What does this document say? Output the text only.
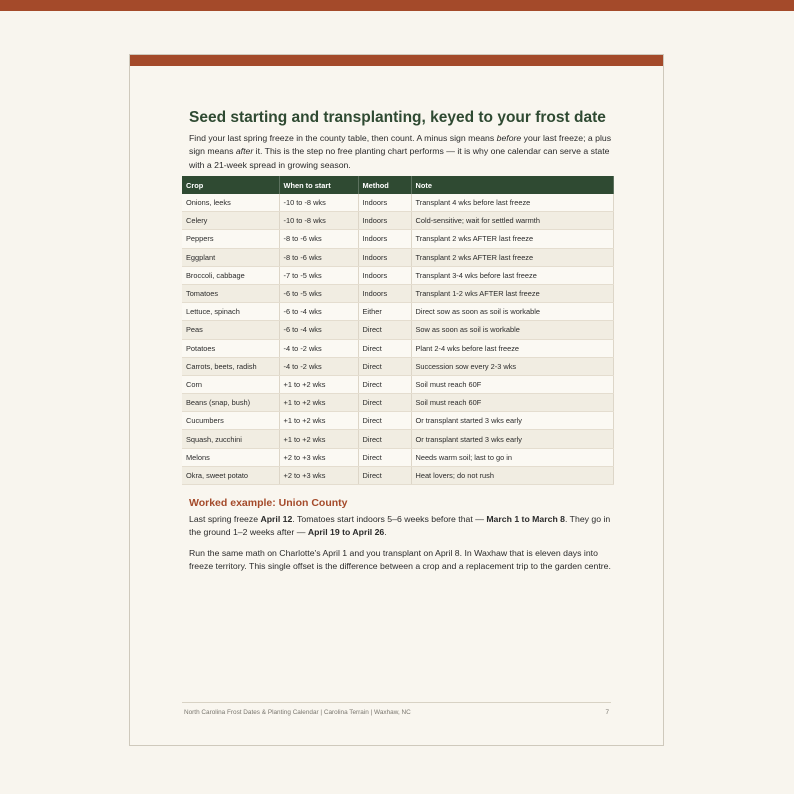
Seed starting and transplanting, keyed to your frost date

Find your last spring freeze in the county table, then count. A minus sign means before your last freeze; a plus sign means after it. This is the step no free planting chart performs — it is why one calendar can serve a state with a 21-week spread in growing season.

Crop	When to start	Method	Note
Onions, leeks	-10 to -8 wks	Indoors	Transplant 4 wks before last freeze
Celery	-10 to -8 wks	Indoors	Cold-sensitive; wait for settled warmth
Peppers	-8 to -6 wks	Indoors	Transplant 2 wks AFTER last freeze
Eggplant	-8 to -6 wks	Indoors	Transplant 2 wks AFTER last freeze
Broccoli, cabbage	-7 to -5 wks	Indoors	Transplant 3-4 wks before last freeze
Tomatoes	-6 to -5 wks	Indoors	Transplant 1-2 wks AFTER last freeze
Lettuce, spinach	-6 to -4 wks	Either	Direct sow as soon as soil is workable
Peas	-6 to -4 wks	Direct	Sow as soon as soil is workable
Potatoes	-4 to -2 wks	Direct	Plant 2-4 wks before last freeze
Carrots, beets, radish	-4 to -2 wks	Direct	Succession sow every 2-3 wks
Corn	+1 to +2 wks	Direct	Soil must reach 60F
Beans (snap, bush)	+1 to +2 wks	Direct	Soil must reach 60F
Cucumbers	+1 to +2 wks	Direct	Or transplant started 3 wks early
Squash, zucchini	+1 to +2 wks	Direct	Or transplant started 3 wks early
Melons	+2 to +3 wks	Direct	Needs warm soil; last to go in
Okra, sweet potato	+2 to +3 wks	Direct	Heat lovers; do not rush
Worked example: Union County

Last spring freeze April 12. Tomatoes start indoors 5–6 weeks before that — March 1 to March 8. They go in the ground 1–2 weeks after — April 19 to April 26.

Run the same math on Charlotte's April 1 and you transplant on April 8. In Waxhaw that is eleven days into freeze territory. This single offset is the difference between a crop and a replacement trip to the garden centre.

North Carolina Frost Dates & Planting Calendar | Carolina Terrain | Waxhaw, NC	7
